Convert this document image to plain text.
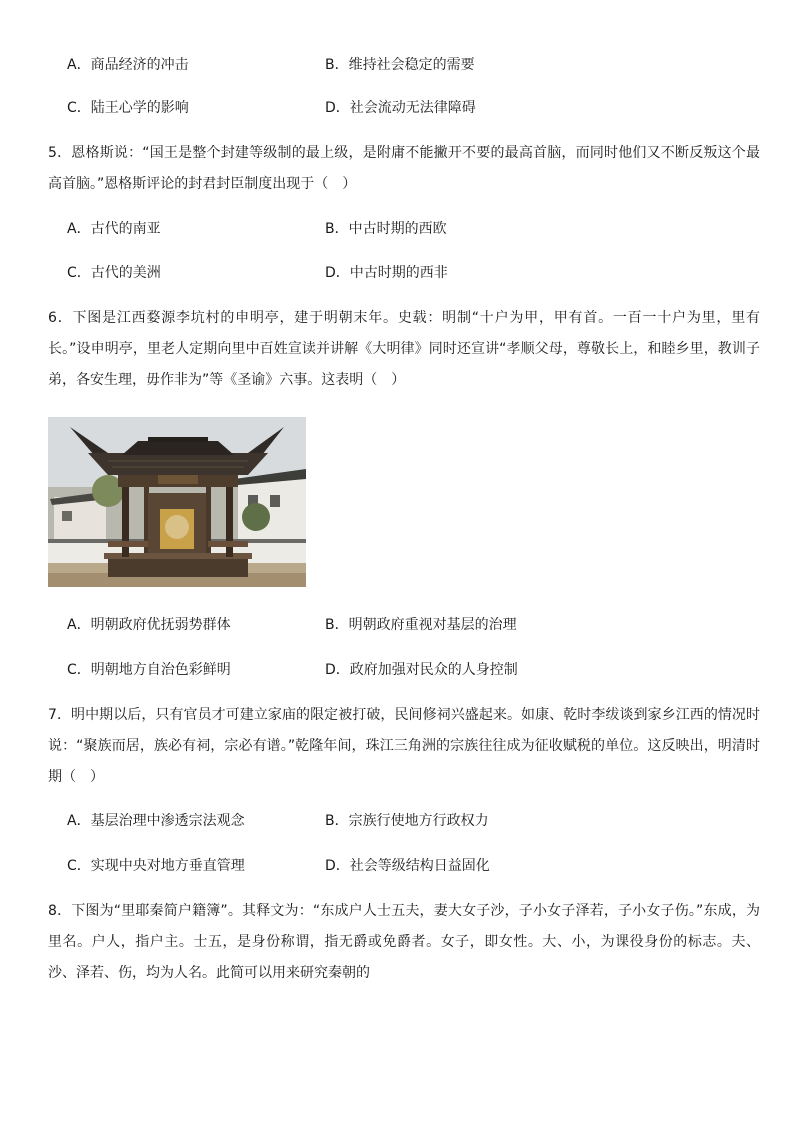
A．商品经济的冲击	B．维持社会稳定的需要
C．陆王心学的影响	D．社会流动无法律障碍
5．恩格斯说：“国王是整个封建等级制的最上级，是附庸不能撇开不要的最高首脑，而同时他们又不断反叛这个最高首脑。”恩格斯评论的封君封臣制度出现于（　）
A．古代的南亚	B．中古时期的西欧
C．古代的美洲	D．中古时期的西非
6．下图是江西婺源李坑村的申明亭，建于明朝末年。史载：明制“十户为甲，甲有首。一百一十户为里，里有长。”设申明亭，里老人定期向里中百姓宣读并讲解《大明律》同时还宣讲“孝顺父母，尊敬长上，和睦乡里，教训子弟，各安生理，毋作非为”等《圣谕》六事。这表明（　）
A．明朝政府优抚弱势群体	B．明朝政府重视对基层的治理
C．明朝地方自治色彩鲜明	D．政府加强对民众的人身控制
7．明中期以后，只有官员才可建立家庙的限定被打破，民间修祠兴盛起来。如康、乾时李绂谈到家乡江西的情况时说：“聚族而居，族必有祠，宗必有谱。”乾隆年间，珠江三角洲的宗族往往成为征收赋税的单位。这反映出，明清时期（　）
A．基层治理中渗透宗法观念	B．宗族行使地方行政权力
C．实现中央对地方垂直管理	D．社会等级结构日益固化
8．下图为“里耶秦简户籍簿”。其释文为：“东成户人士五夫，妻大女子沙，子小女子泽若，子小女子伤。”东成，为里名。户人，指户主。士五，是身份称谓，指无爵或免爵者。女子，即女性。大、小，为课役身份的标志。夫、沙、泽若、伤，均为人名。此简可以用来研究秦朝的
